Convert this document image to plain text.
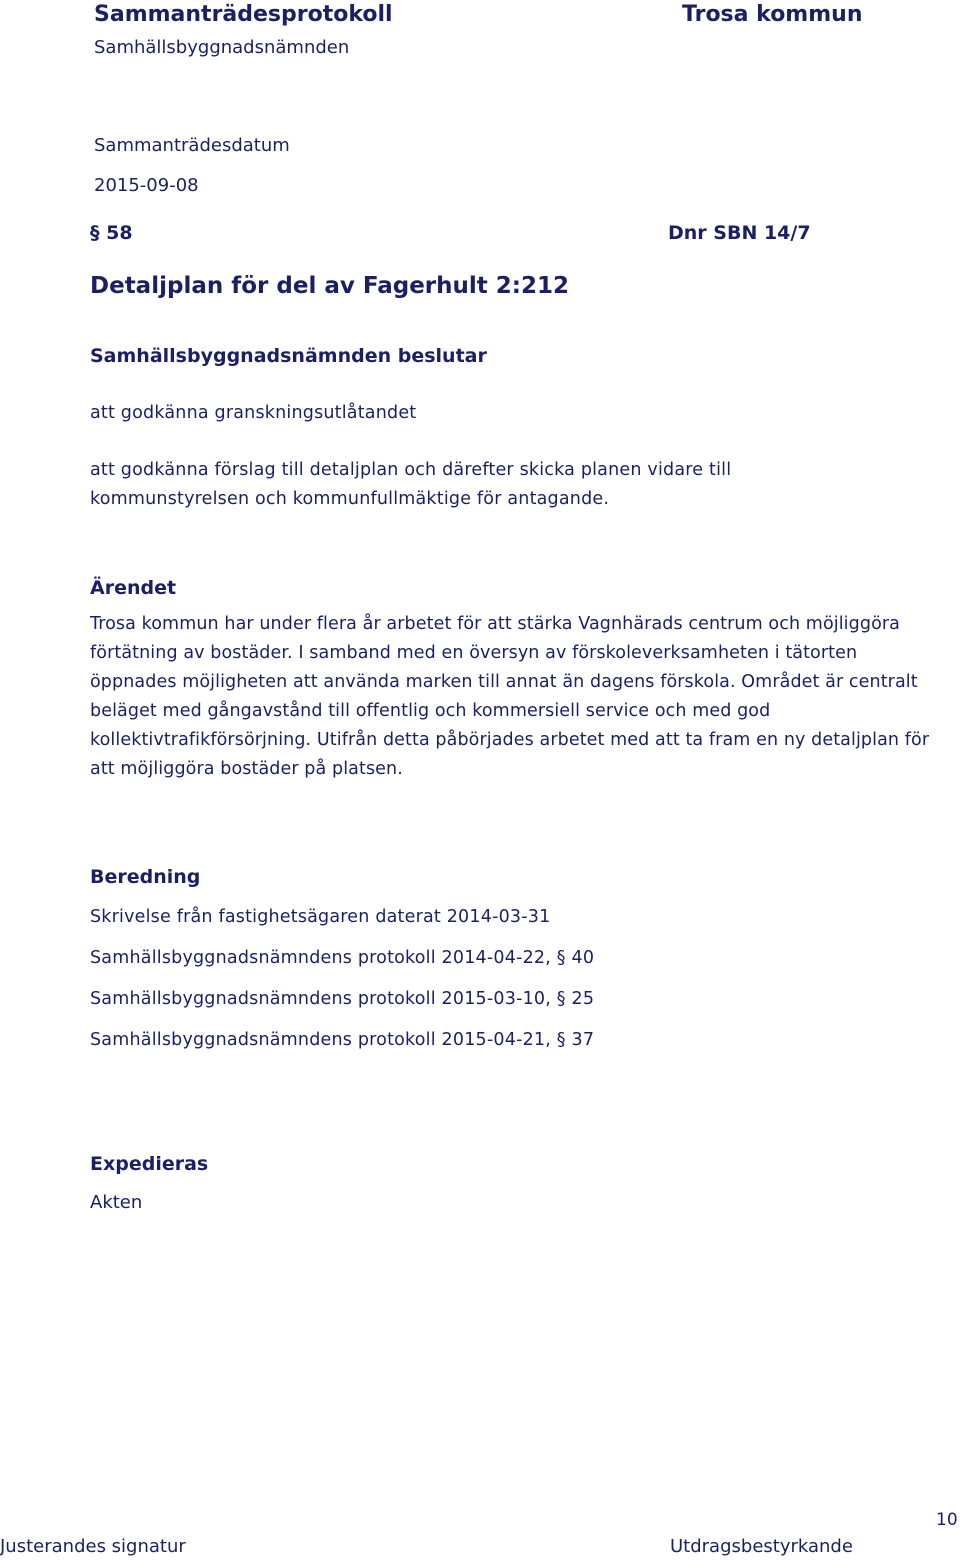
Sammanträdesprotokoll	Trosa kommun
Samhällsbyggnadsnämnden
Sammanträdesdatum
2015-09-08
§ 58	Dnr SBN 14/7
Detaljplan för del av Fagerhult 2:212
Samhällsbyggnadsnämnden beslutar
att godkänna granskningsutlåtandet
att godkänna förslag till detaljplan och därefter skicka planen vidare till
kommunstyrelsen och kommunfullmäktige för antagande.
Ärendet

Trosa kommun har under flera år arbetet för att stärka Vagnhärads centrum och möjliggöra förtätning av bostäder. I samband med en översyn av förskoleverksamheten i tätorten öppnades möjligheten att använda marken till annat än dagens förskola. Området är centralt beläget med gångavstånd till offentlig och kommersiell service och med god kollektivtrafikförsörjning. Utifrån detta påbörjades arbetet med att ta fram en ny detaljplan för att möjliggöra bostäder på platsen.

Beredning
Skrivelse från fastighetsägaren daterat 2014-03-31
Samhällsbyggnadsnämndens protokoll 2014-04-22, § 40
Samhällsbyggnadsnämndens protokoll 2015-03-10, § 25
Samhällsbyggnadsnämndens protokoll 2015-04-21, § 37
Expedieras
Akten
Justerandes signatur	Utdragsbestyrkande
10
